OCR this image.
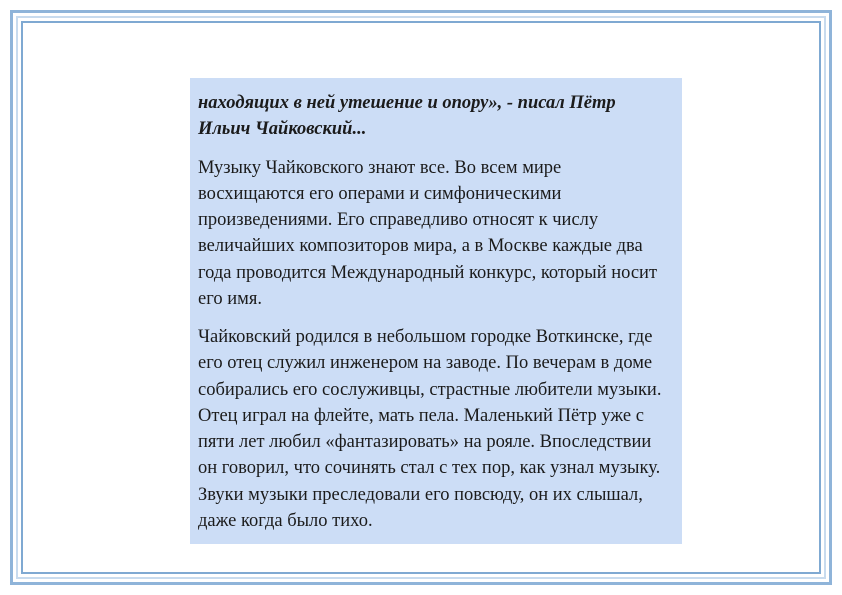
находящих в ней утешение и опору», - писал Пётр Ильич Чайковский...

Музыку Чайковского знают все. Во всем мире восхищаются его операми и симфоническими произведениями. Его справедливо относят к числу величайших композиторов мира, а в Москве каждые два года проводится Международный конкурс, который носит его имя.

Чайковский родился в небольшом городке Воткинске, где его отец служил инженером на заводе. По вечерам в доме собирались его сослуживцы, страстные любители музыки. Отец играл на флейте, мать пела. Маленький Пётр уже с пяти лет любил «фантазировать» на рояле. Впоследствии он говорил, что сочинять стал с тех пор, как узнал музыку. Звуки музыки преследовали его повсюду, он их слышал, даже когда было тихо.
